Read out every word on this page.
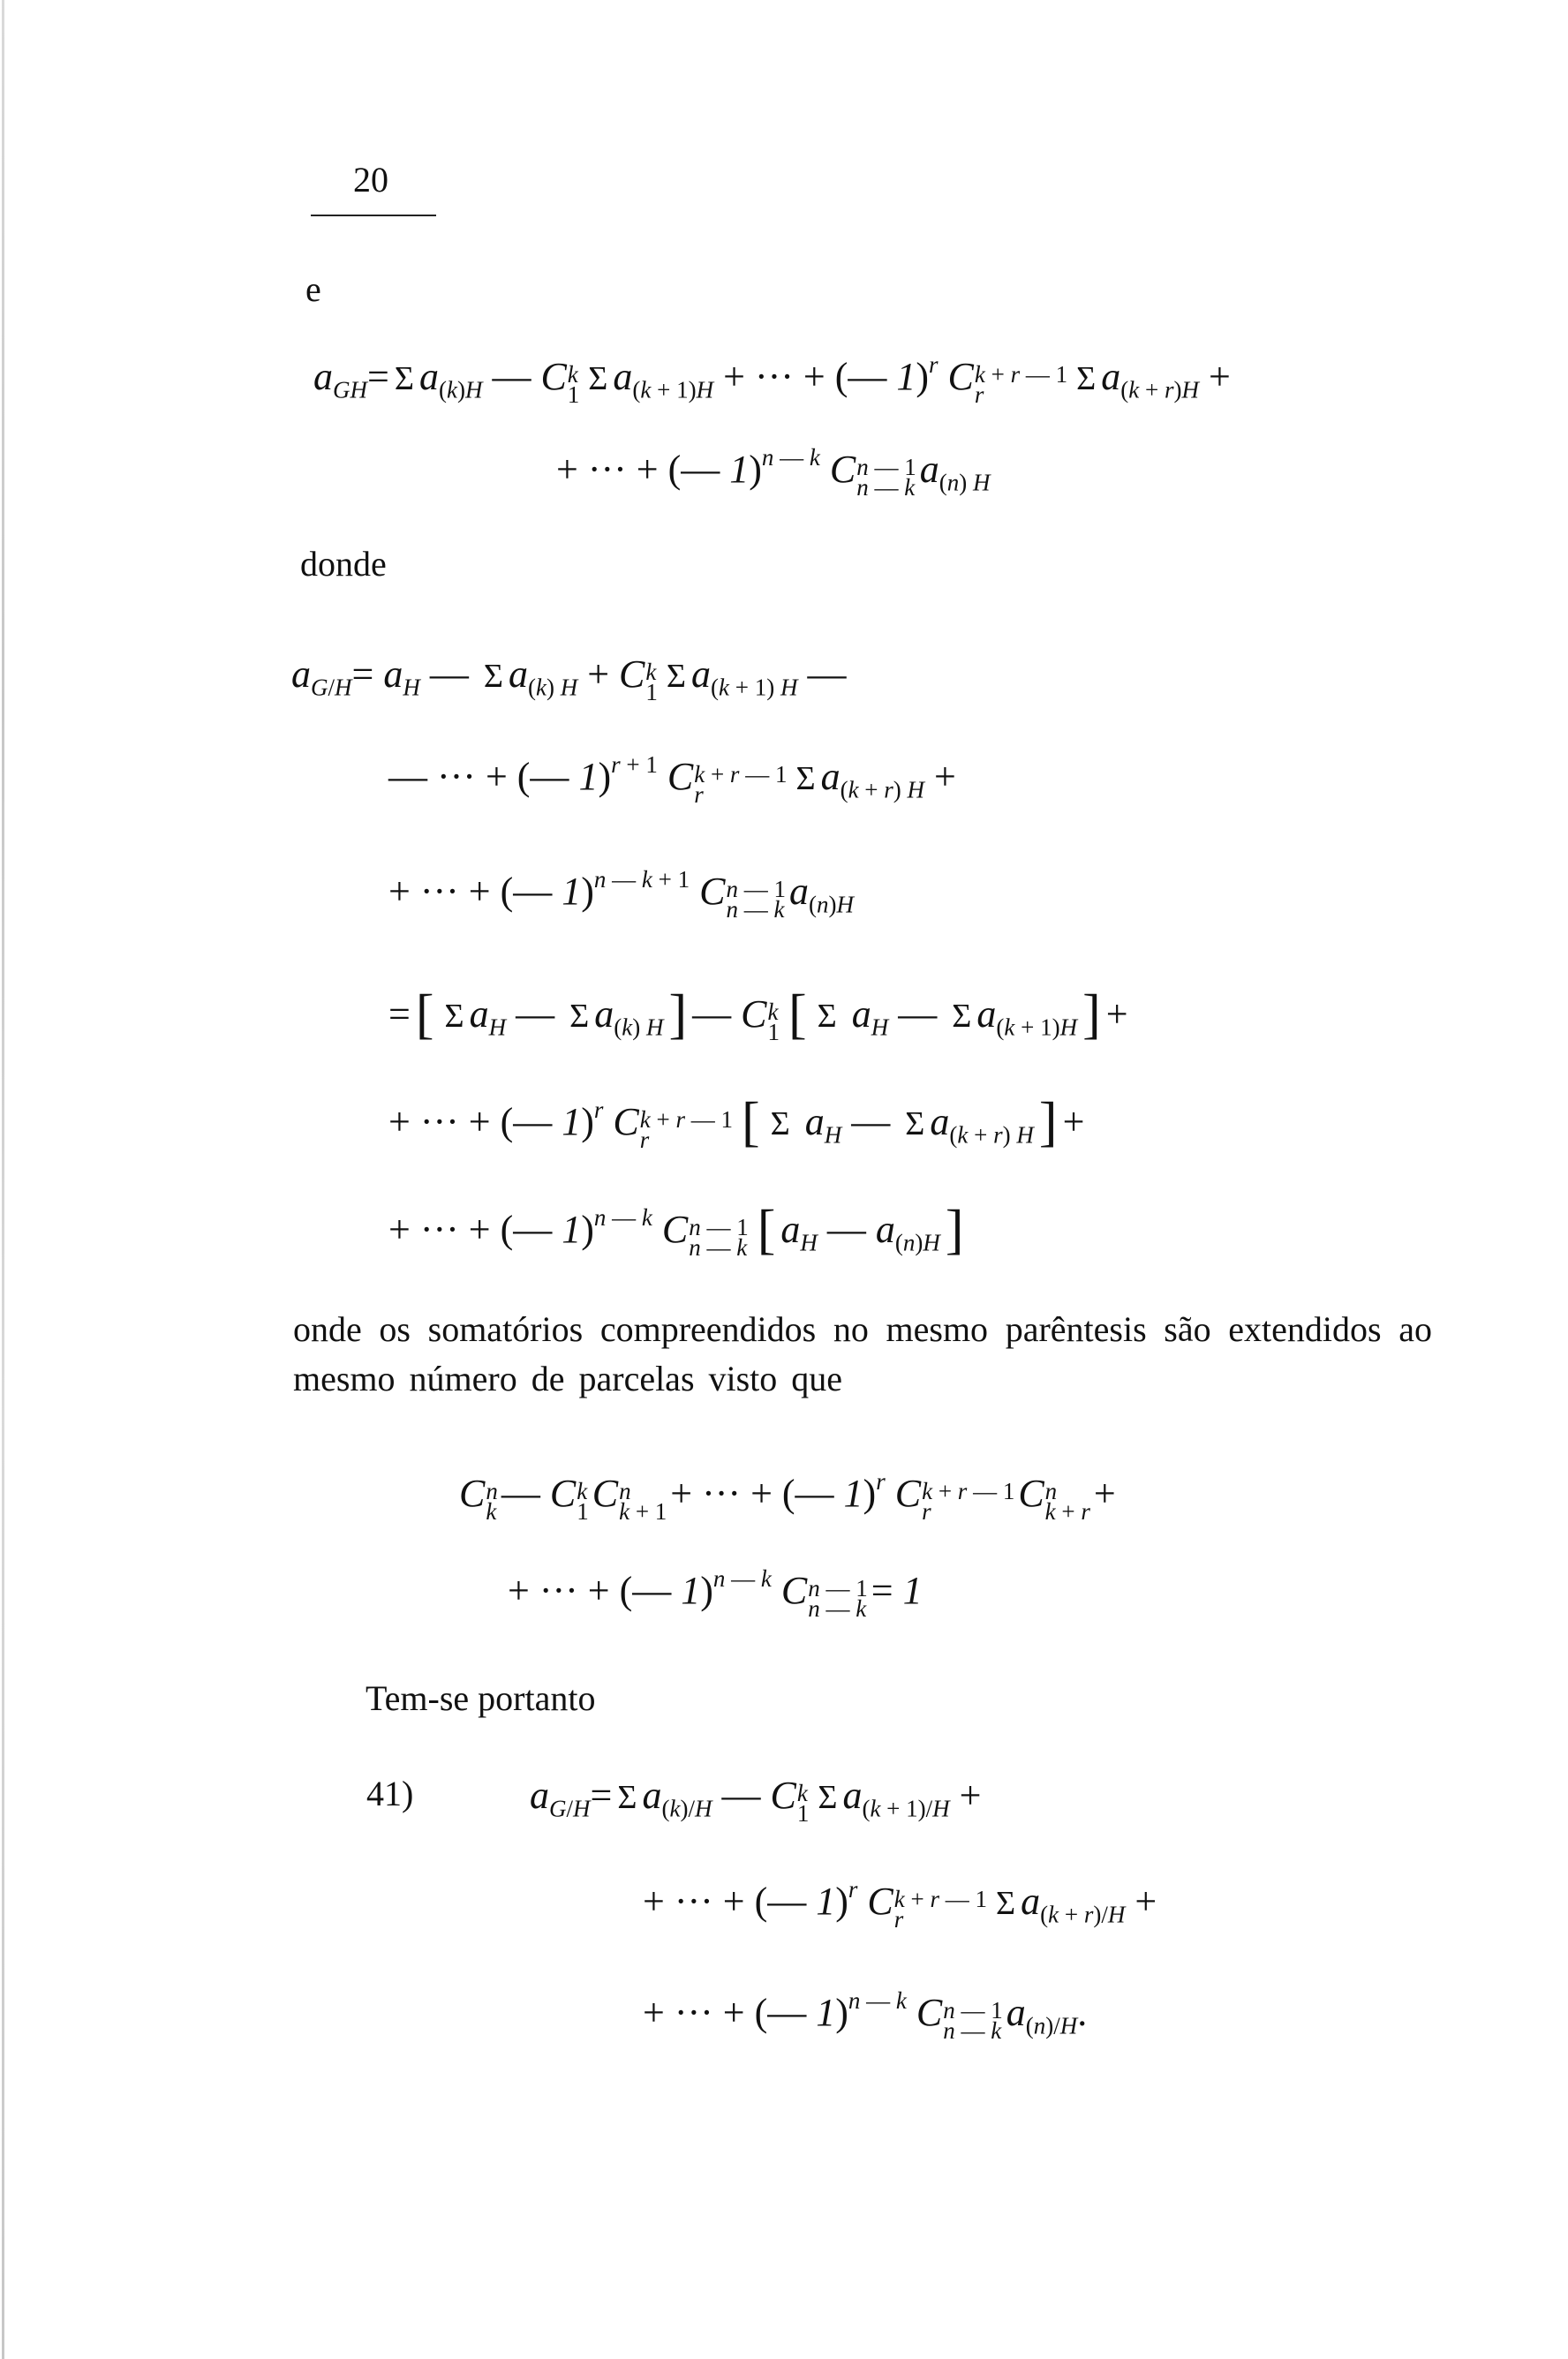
20
e
$a_{GH}= \Sigma$ $a_{(k)H}$ — C k
1 Σ $a_{(k + 1)H}$ + ··· + (— 1)$^r$ C k + r — 1
r	Σ $a_{(k + r)H}$ +
+ ··· + (— 1)$^{n — k}$ C n — 1
n — k $a_{(n) H}$
donde
$a_{G/H}= a_H$ — Σ $a_{(k) H} + C$ k
1 Σ $a_{(k + 1) H}$ —
— ··· + (— 1)$^{r + 1}$ C k + r — 1
r	Σ $a_{(k + r) H}$ +
+ ··· + (— 1)$^{n — k + 1}$ C n — 1
n — k $a_{(n)H}$
=[ Σ $a_H$ — Σ $a_{(k) H}$] — C k
1 [ Σ $a_H$ — Σ $a_{(k + 1)H}$] +
+ ··· + (— 1)$^r$ C k + r — 1
r	[ Σ $a_H$ — Σ $a_{(k + r) H}$] +
+ ··· + (— 1)$^{n — k}$ C n — 1
n — k [ $a_H$ — $a_{(n)H}$]
onde os somatórios compreendidos no mesmo parêntesis são extendidos ao mesmo número de parcelas visto que
C n
k — C k
1 C n
k + 1 + ··· + (— 1)$^r$ C k + r — 1
r	C n
k + r +
+ ··· + (— 1)$^{n — k}$ C n — 1
n — k = 1
Tem-se portanto
41)	$a_{G/H}= \Sigma$ $a_{(k)/H}$ — C k
1 Σ $a_{(k + 1)/H}$ +
+ ··· + (— 1)$^r$ C k + r — 1
r	Σ $a_{(k + r)/H}$ +
+ ··· + (— 1)$^{n — k}$ C n — 1
n — k $a_{(n)/H}$.
